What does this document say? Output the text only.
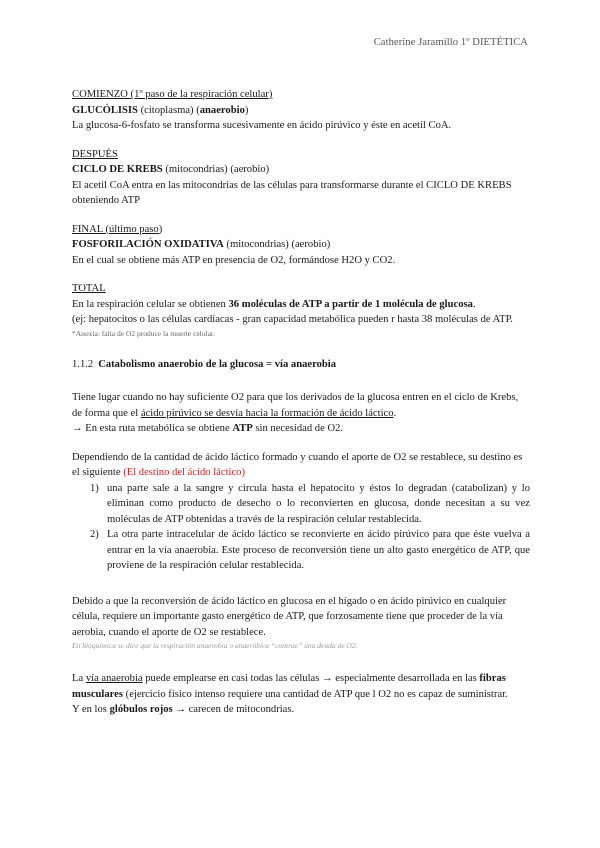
Catherine Jaramillo 1º DIETÉTICA
COMIENZO (1º paso de la respiración celular)
GLUCÓLISIS (citoplasma) (anaerobio)
La glucosa-6-fosfato se transforma sucesivamente en ácido pirúvico y éste en acetil CoA.
DESPUÉS
CICLO DE KREBS (mitocondrias) (aerobio)
El acetil CoA entra en las mitocondrias de las células para transformarse durante el CICLO DE KREBS obteniendo ATP
FINAL (último paso)
FOSFORILACIÓN OXIDATIVA (mitocondrias) (aerobio)
En el cual se obtiene más ATP en presencia de O2, formándose H2O y CO2.
TOTAL
En la respiración celular se obtienen 36 moléculas de ATP a partir de 1 molécula de glucosa.
(ej: hepatocitos o las células cardiacas - gran capacidad metabólica pueden r hasta 38 moléculas de ATP.
*Anoxia: falta de O2 produce la muerte celular.
1.1.2 Catabolismo anaerobio de la glucosa = vía anaerobia
Tiene lugar cuando no hay suficiente O2 para que los derivados de la glucosa entren en el ciclo de Krebs, de forma que el ácido pirúvico se desvía hacia la formación de ácido láctico.
→ En esta ruta metabólica se obtiene ATP sin necesidad de O2.
Dependiendo de la cantidad de ácido láctico formado y cuando el aporte de O2 se restablece, su destino es el siguiente (El destino del ácido láctico)
1) una parte sale a la sangre y circula hasta el hepatocito y éstos lo degradan (catabolizan) y lo eliminan como producto de desecho o lo reconvierten en glucosa, donde necesitan a su vez moléculas de ATP obtenidas a través de la respiración celular restablecida.
2) La otra parte intracelular de ácido láctico se reconvierte en ácido pirúvico para que éste vuelva a entrar en la vía anaerobia. Este proceso de reconversión tiene un alto gasto energético de ATP, que proviene de la respiración celular restablecida.
Debido a que la reconversión de ácido láctico en glucosa en el hígado o en ácido pirúvico en cualquier célula, requiere un importante gasto energético de ATP, que forzosamente tiene que proceder de la vía aerobia, cuando el aporte de O2 se restablece.
En bioquímica se dice que la respiración anaerobia o anaeróbica “contrae” una deuda de O2.
La vía anaerobia puede emplearse en casi todas las células → especialmente desarrollada en las fibras musculares (ejercicio físico intenso requiere una cantidad de ATP que l O2 no es capaz de suministrar.
Y en los glóbulos rojos → carecen de mitocondrias.
